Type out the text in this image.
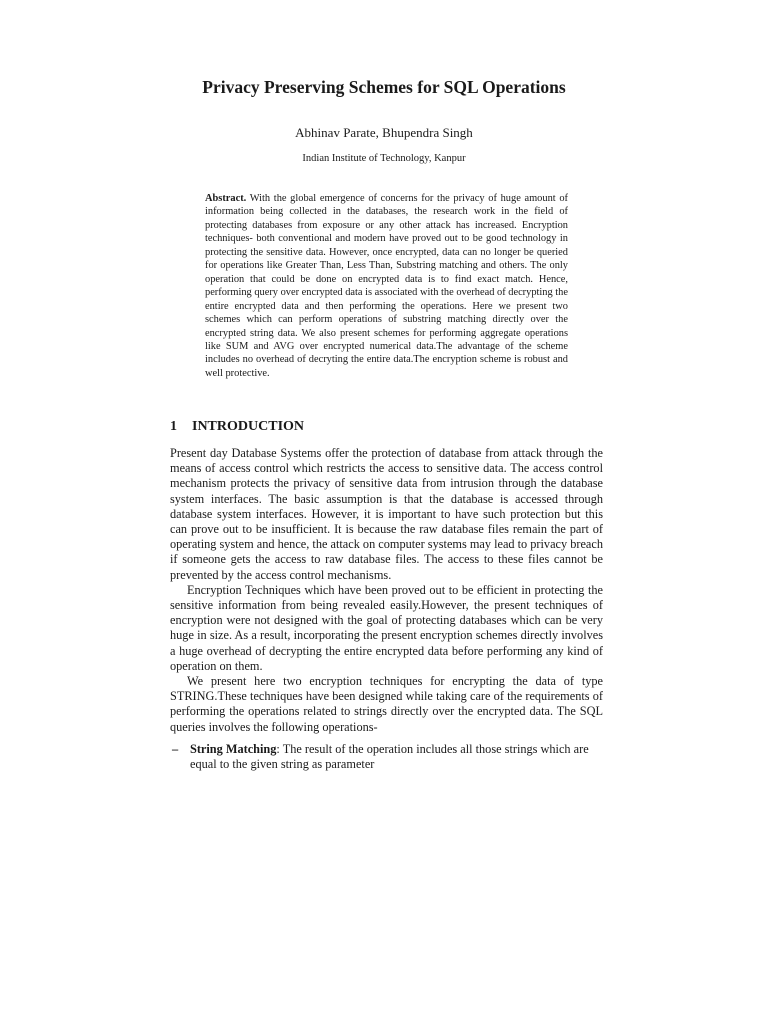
Privacy Preserving Schemes for SQL Operations
Abhinav Parate, Bhupendra Singh
Indian Institute of Technology, Kanpur

Abstract. With the global emergence of concerns for the privacy of huge amount of information being collected in the databases, the research work in the field of protecting databases from exposure or any other attack has increased. Encryption techniques- both conventional and modern have proved out to be good technology in protecting the sensitive data. However, once encrypted, data can no longer be queried for operations like Greater Than, Less Than, Substring matching and others. The only operation that could be done on encrypted data is to find exact match. Hence, performing query over encrypted data is associated with the overhead of decrypting the entire encrypted data and then performing the operations. Here we present two schemes which can perform operations of substring matching directly over the encrypted string data. We also present schemes for performing aggregate operations like SUM and AVG over encrypted numerical data.The advantage of the scheme includes no overhead of decryting the entire data.The encryption scheme is robust and well protective.

1 INTRODUCTION

Present day Database Systems offer the protection of database from attack through the means of access control which restricts the access to sensitive data. The access control mechanism protects the privacy of sensitive data from intrusion through the database system interfaces. The basic assumption is that the database is accessed through database system interfaces. However, it is important to have such protection but this can prove out to be insufficient. It is because the raw database files remain the part of operating system and hence, the attack on computer systems may lead to privacy breach if someone gets the access to raw database files. The access to these files cannot be prevented by the access control mechanisms.

Encryption Techniques which have been proved out to be efficient in protecting the sensitive information from being revealed easily.However, the present techniques of encryption were not designed with the goal of protecting databases which can be very huge in size. As a result, incorporating the present encryption schemes directly involves a huge overhead of decrypting the entire encrypted data before performing any kind of operation on them.

We present here two encryption techniques for encrypting the data of type STRING.These techniques have been designed while taking care of the requirements of performing the operations related to strings directly over the encrypted data. The SQL queries involves the following operations-

– String Matching: The result of the operation includes all those strings which are equal to the given string as parameter
